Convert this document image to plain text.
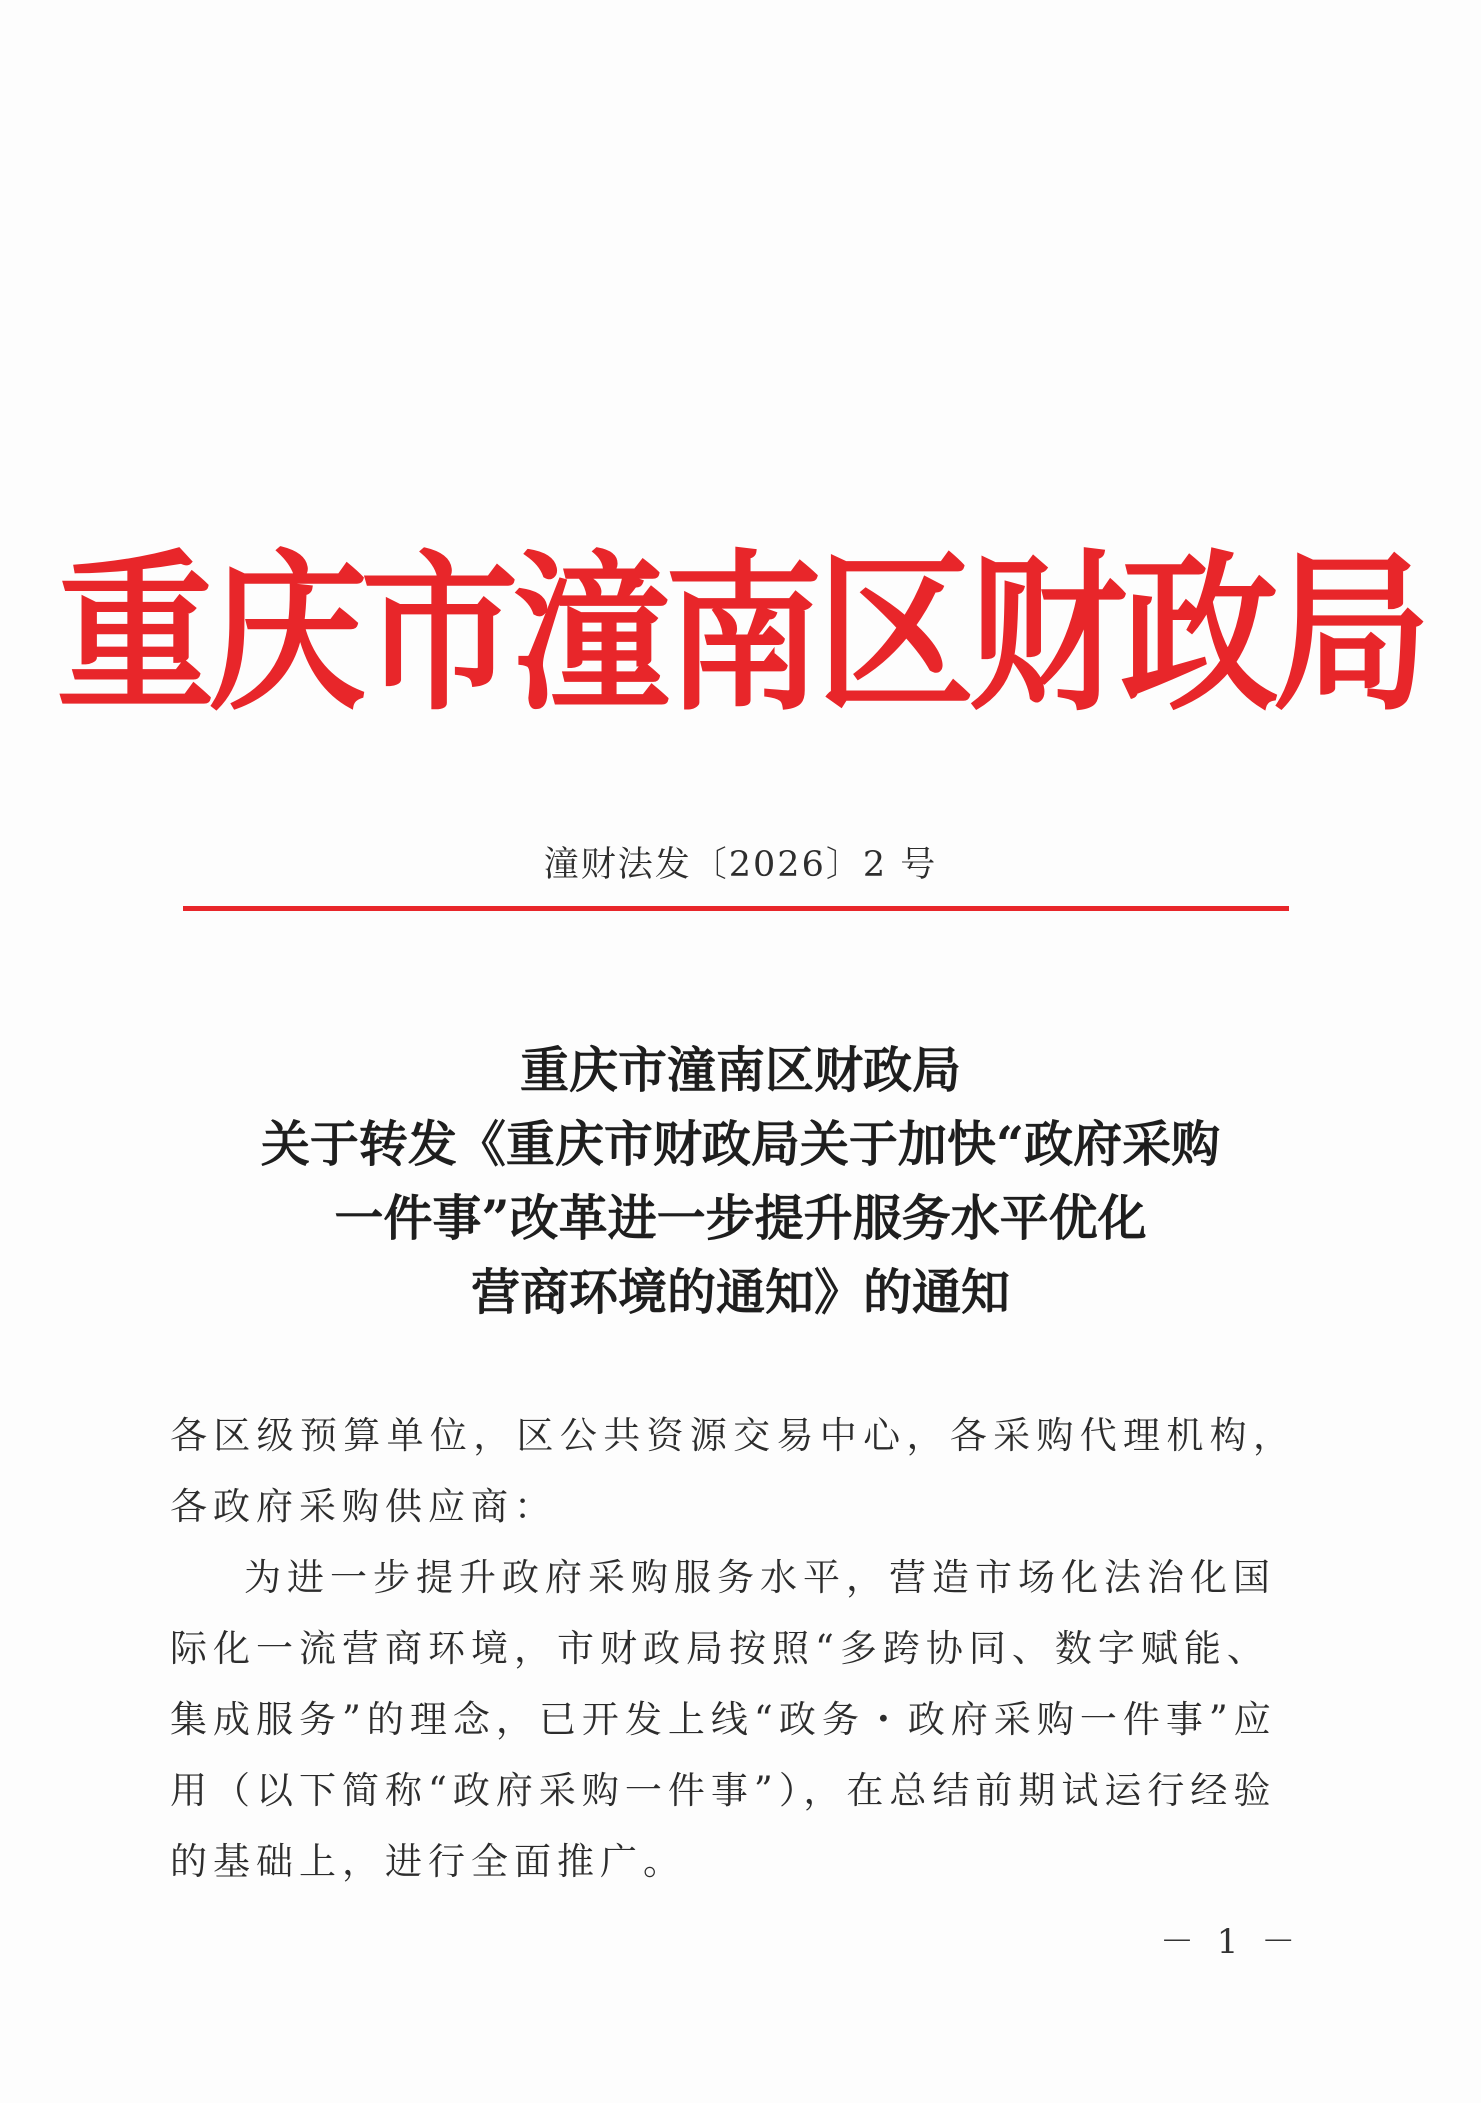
重庆市潼南区财政局
潼财法发〔2026〕2 号
重庆市潼南区财政局
关于转发《重庆市财政局关于加快“政府采购
一件事”改革进一步提升服务水平优化
营商环境的通知》的通知

各区级预算单位，区公共资源交易中心，各采购代理机构，各政府采购供应商：

为进一步提升政府采购服务水平，营造市场化法治化国际化一流营商环境，市财政局按照“多跨协同、数字赋能、集成服务”的理念，已开发上线“政务・政府采购一件事”应用（以下简称“政府采购一件事”），在总结前期试运行经验的基础上，进行全面推广。

－ 1 －
